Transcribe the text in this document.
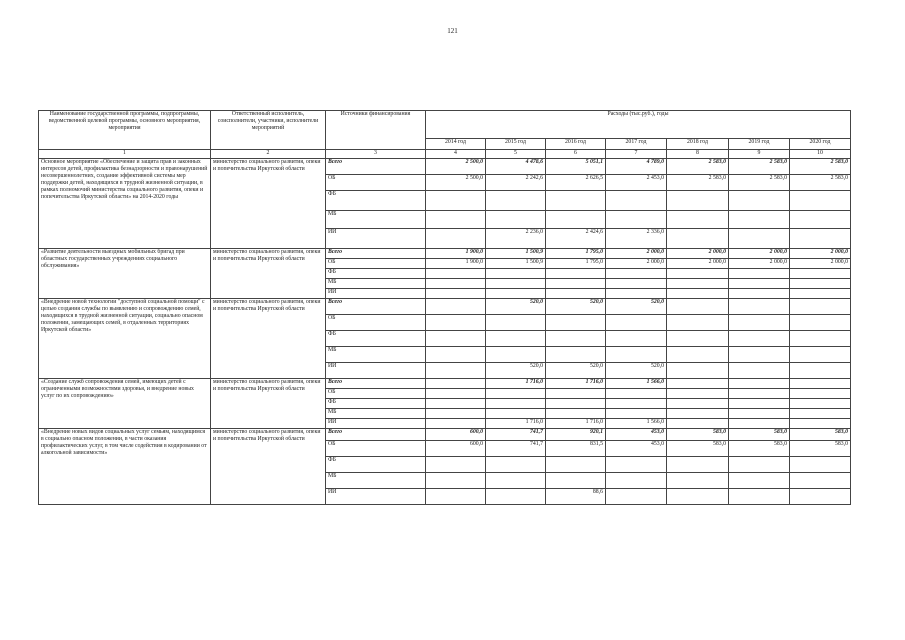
121
Наименование государственной программы, подпрограммы, ведомственной целевой программы, основного мероприятия, мероприятия	Ответственный исполнитель, соисполнители, участники, исполнители мероприятий	Источники финансирования	Расходы (тыс.руб.), годы						
			2014 год	2015 год	2016 год	2017 год	2018 год	2019 год	2020 год
1	2	3	4	5	6	7	8	9	10
Основное мероприятие «Обеспечение и защита прав и законных интересов детей, профилактика безнадзорности и правонарушений несовершеннолетних, создание эффективной системы мер поддержки детей, находящихся в трудной жизненной ситуации, в рамках полномочий министерства социального развития, опеки и попечительства Иркутской области» на 2014-2020 годы	министерство социального развития, опеки и попечительства Иркутской области	Всего	2 500,0	4 478,6	5 051,1	4 789,0	2 583,0	2 583,0	2 583,0
		ОБ	2 500,0	2 242,6	2 626,5	2 453,0	2 583,0	2 583,0	2 583,0
		ФБ							
		МБ							
		ИИ		2 236,0	2 424,6	2 336,0			
«Развитие деятельности выездных мобильных бригад при областных государственных учреждениях социального обслуживания»	министерство социального развития, опеки и попечительства Иркутской области	Всего	1 900,0	1 500,9	1 795,0	2 000,0	2 000,0	2 000,0	2 000,0
		ОБ	1 900,0	1 500,9	1 795,0	2 000,0	2 000,0	2 000,0	2 000,0
		ФБ							
		МБ							
		ИИ							
«Внедрение новой технологии "доступной социальной помощи" с целью создания службы по выявлению и сопровождению семей, находящихся в трудной жизненной ситуации, социально опасном положении, замещающих семей, в отдаленных территориях Иркутской области»	министерство социального развития, опеки и попечительства Иркутской области	Всего		520,0	520,0	520,0			
		ОБ							
		ФБ							
		МБ							
		ИИ		520,0	520,0	520,0			
«Создание служб сопровождения семей, имеющих детей с ограниченными возможностями здоровья, и внедрение новых услуг по их сопровождению»	министерство социального развития, опеки и попечительства Иркутской области	Всего		1 716,0	1 716,0	1 566,0			
		ОБ							
		ФБ							
		МБ							
		ИИ		1 716,0	1 716,0	1 566,0			
«Внедрение новых видов социальных услуг семьям, находящимся в социально опасном положении, в части оказания профилактических услуг, в том числе содействия в кодировании от алкогольной зависимости»	министерство социального развития, опеки и попечительства Иркутской области	Всего	600,0	741,7	920,1	453,0	583,0	583,0	583,0
		ОБ	600,0	741,7	831,5	453,0	583,0	583,0	583,0
		ФБ							
		МБ							
		ИИ			88,6				
